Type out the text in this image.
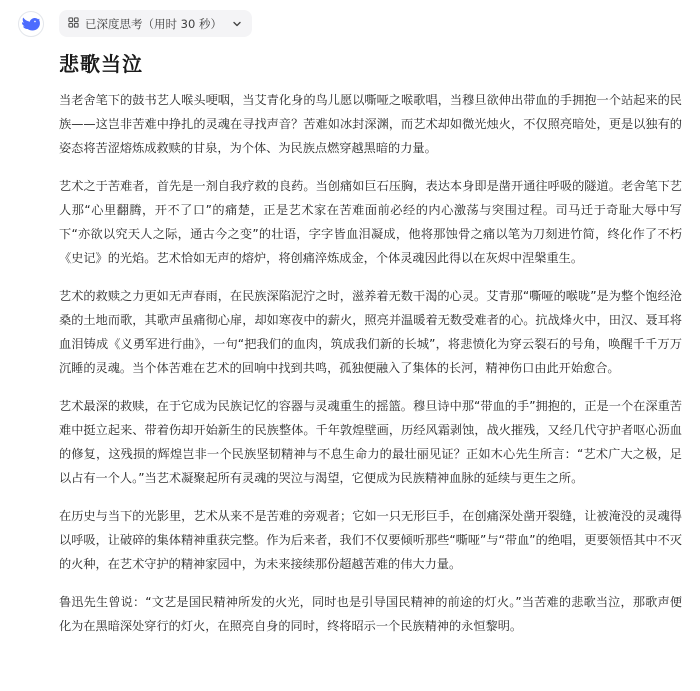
已深度思考（用时 30 秒）
悲歌当泣

当老舍笔下的鼓书艺人喉头哽咽，当艾青化身的鸟儿愿以嘶哑之喉歌唱，当穆旦欲伸出带血的手拥抱一个站起来的民族——这岂非苦难中挣扎的灵魂在寻找声音？苦难如冰封深渊，而艺术却如微光烛火，不仅照亮暗处，更是以独有的姿态将苦涩熔炼成救赎的甘泉，为个体、为民族点燃穿越黑暗的力量。

艺术之于苦难者，首先是一剂自我疗救的良药。当创痛如巨石压胸，表达本身即是凿开通往呼吸的隧道。老舍笔下艺人那“心里翻腾，开不了口”的痛楚，正是艺术家在苦难面前必经的内心激荡与突围过程。司马迁于奇耻大辱中写下“亦欲以究天人之际，通古今之变”的壮语，字字皆血泪凝成，他将那蚀骨之痛以笔为刀刻进竹简，终化作了不朽《史记》的光焰。艺术恰如无声的熔炉，将创痛淬炼成金，个体灵魂因此得以在灰烬中涅槃重生。

艺术的救赎之力更如无声春雨，在民族深陷泥泞之时，滋养着无数干渴的心灵。艾青那“嘶哑的喉咙”是为整个饱经沧桑的土地而歌，其歌声虽痛彻心扉，却如寒夜中的薪火，照亮并温暖着无数受难者的心。抗战烽火中，田汉、聂耳将血泪铸成《义勇军进行曲》，一句“把我们的血肉，筑成我们新的长城”，将悲愤化为穿云裂石的号角，唤醒千千万万沉睡的灵魂。当个体苦难在艺术的回响中找到共鸣，孤独便融入了集体的长河，精神伤口由此开始愈合。

艺术最深的救赎，在于它成为民族记忆的容器与灵魂重生的摇篮。穆旦诗中那“带血的手”拥抱的，正是一个在深重苦难中挺立起来、带着伤却开始新生的民族整体。千年敦煌壁画，历经风霜剥蚀，战火摧残，又经几代守护者呕心沥血的修复，这残损的辉煌岂非一个民族坚韧精神与不息生命力的最壮丽见证？正如木心先生所言：“艺术广大之极，足以占有一个人。”当艺术凝聚起所有灵魂的哭泣与渴望，它便成为民族精神血脉的延续与更生之所。

在历史与当下的光影里，艺术从来不是苦难的旁观者；它如一只无形巨手，在创痛深处凿开裂缝，让被淹没的灵魂得以呼吸，让破碎的集体精神重获完整。作为后来者，我们不仅要倾听那些“嘶哑”与“带血”的绝唱，更要领悟其中不灭的火种，在艺术守护的精神家园中，为未来接续那份超越苦难的伟大力量。

鲁迅先生曾说：“文艺是国民精神所发的火光，同时也是引导国民精神的前途的灯火。”当苦难的悲歌当泣，那歌声便化为在黑暗深处穿行的灯火，在照亮自身的同时，终将昭示一个民族精神的永恒黎明。
